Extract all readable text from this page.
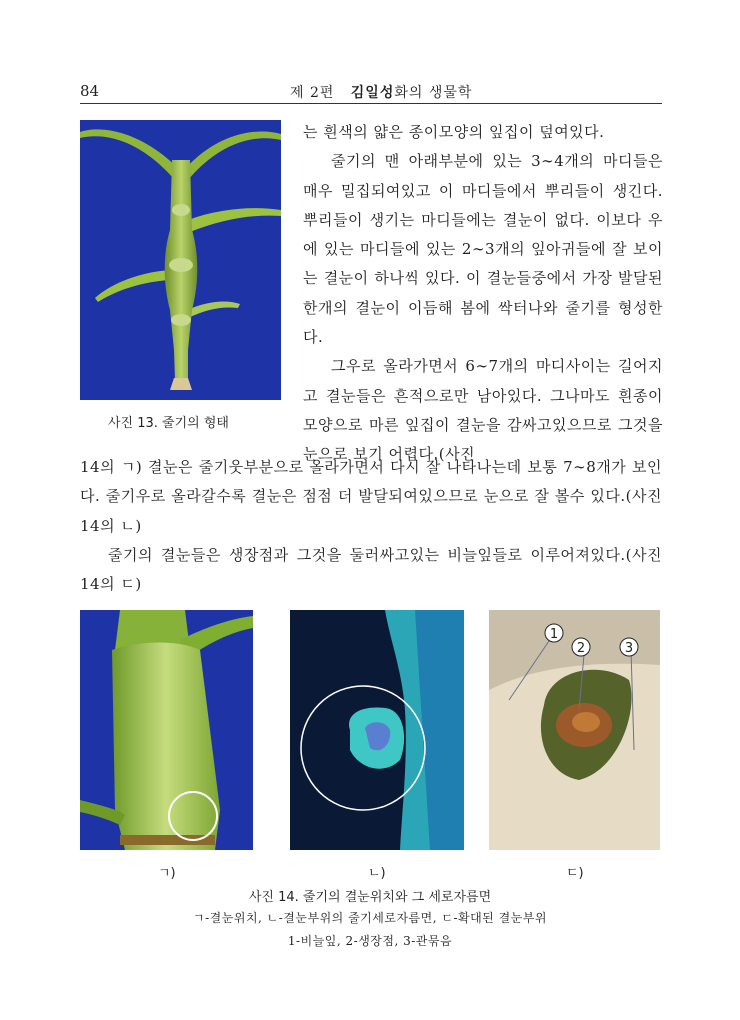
84	제 2편 김일성화의 생물학
사진 13. 줄기의 형태

는 흰색의 얇은 종이모양의 잎집이 덮여있다.

줄기의 맨 아래부분에 있는 3∼4개의 마디들은 매우 밀집되여있고 이 마디들에서 뿌리들이 생긴다. 뿌리들이 생기는 마디들에는 결눈이 없다. 이보다 우에 있는 마디들에 있는 2∼3개의 잎아귀들에 잘 보이는 결눈이 하나씩 있다. 이 결눈들중에서 가장 발달된 한개의 결눈이 이듬해 봄에 싹터나와 줄기를 형성한다.

그우로 올라가면서 6∼7개의 마디사이는 길어지고 결눈들은 흔적으로만 남아있다. 그나마도 흰종이모양으로 마른 잎집이 결눈을 감싸고있으므로 그것을 눈으로 보기 어렵다.(사진

14의 ㄱ) 결눈은 줄기웃부분으로 올라가면서 다시 잘 나타나는데 보통 7∼8개가 보인다. 줄기우로 올라갈수록 결눈은 점점 더 발달되여있으므로 눈으로 잘 볼수 있다.(사진 14의 ㄴ)

줄기의 결눈들은 생장점과 그것을 둘러싸고있는 비늘잎들로 이루어져있다.(사진 14의 ㄷ)

1
2	3
ㄱ)	ㄴ)	ㄷ)
사진 14. 줄기의 결눈위치와 그 세로자름면
ㄱ-결눈위치, ㄴ-결눈부위의 줄기세로자름면, ㄷ-확대된 결눈부위
1-비늘잎, 2-생장점, 3-관묶음
